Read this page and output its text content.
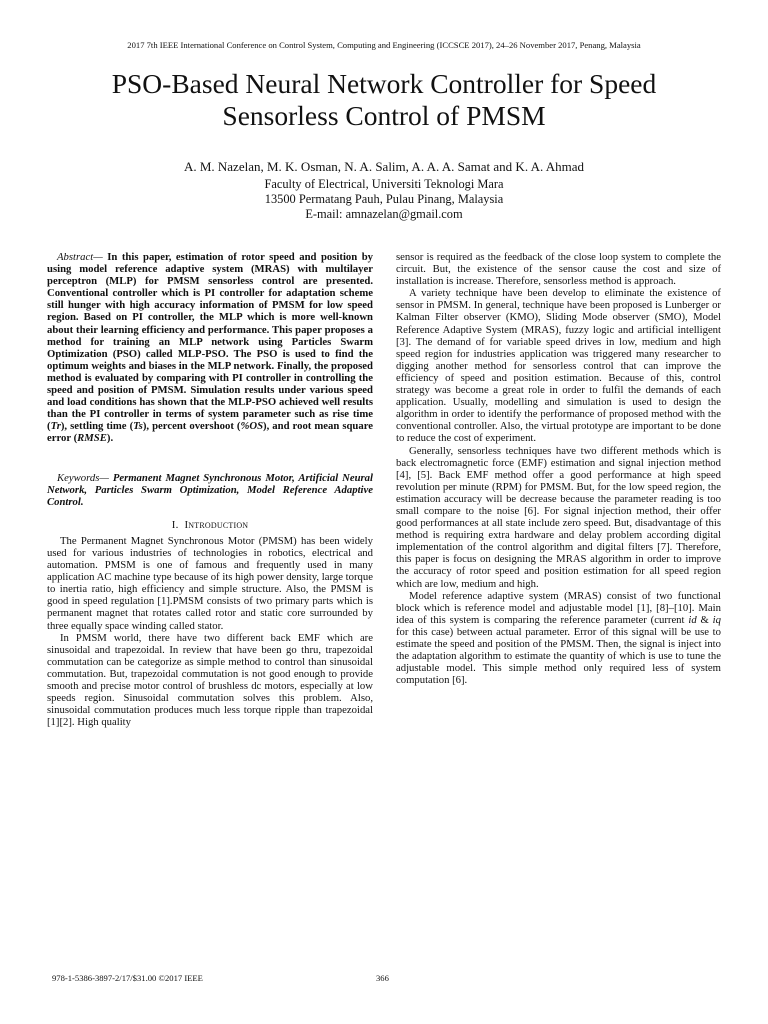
2017 7th IEEE International Conference on Control System, Computing and Engineering (ICCSCE 2017), 24–26 November 2017, Penang, Malaysia
PSO-Based Neural Network Controller for Speed
Sensorless Control of PMSM
A. M. Nazelan, M. K. Osman, N. A. Salim, A. A. A. Samat and K. A. Ahmad
Faculty of Electrical, Universiti Teknologi Mara
13500 Permatang Pauh, Pulau Pinang, Malaysia
E-mail: amnazelan@gmail.com

Abstract— In this paper, estimation of rotor speed and position by using model reference adaptive system (MRAS) with multilayer perceptron (MLP) for PMSM sensorless control are presented. Conventional controller which is PI controller for adaptation scheme still hunger with high accuracy information of PMSM for low speed region. Based on PI controller, the MLP which is more well-known about their learning efficiency and performance. This paper proposes a method for training an MLP network using Particles Swarm Optimization (PSO) called MLP-PSO. The PSO is used to find the optimum weights and biases in the MLP network. Finally, the proposed method is evaluated by comparing with PI controller in controlling the speed and position of PMSM. Simulation results under various speed and load conditions has shown that the MLP-PSO achieved well results than the PI controller in terms of system parameter such as rise time (Tr), settling time (Ts), percent overshoot (%OS), and root mean square error (RMSE).

Keywords— Permanent Magnet Synchronous Motor, Artificial Neural Network, Particles Swarm Optimization, Model Reference Adaptive Control.

I. Introduction

The Permanent Magnet Synchronous Motor (PMSM) has been widely used for various industries of technologies in robotics, electrical and automation. PMSM is one of famous and frequently used in many application AC machine type because of its high power density, large torque to inertia ratio, high efficiency and simple structure. Also, the PMSM is good in speed regulation [1].PMSM consists of two primary parts which is permanent magnet that rotates called rotor and static core surrounded by three equally space winding called stator.

In PMSM world, there have two different back EMF which are sinusoidal and trapezoidal. In review that have been go thru, trapezoidal commutation can be categorize as simple method to control than sinusoidal commutation. But, trapezoidal commutation is not good enough to provide smooth and precise motor control of brushless dc motors, especially at low speeds region. Sinusoidal commutation solves this problem. Also, sinusoidal commutation produces much less torque ripple than trapezoidal [1][2]. High quality

sensor is required as the feedback of the close loop system to complete the circuit. But, the existence of the sensor cause the cost and size of installation is increase. Therefore, sensorless method is approach.

A variety technique have been develop to eliminate the existence of sensor in PMSM. In general, technique have been proposed is Lunberger or Kalman Filter observer (KMO), Sliding Mode observer (SMO), Model Reference Adaptive System (MRAS), fuzzy logic and artificial intelligent [3]. The demand of for variable speed drives in low, medium and high speed region for industries application was triggered many researcher to digging another method for sensorless control that can improve the efficiency of speed and position estimation. Because of this, control strategy was become a great role in order to fulfil the demands of each application. Usually, modelling and simulation is used to design the algorithm in order to identify the performance of proposed method with the conventional controller. Also, the virtual prototype are important to be done to reduce the cost of experiment.

Generally, sensorless techniques have two different methods which is back electromagnetic force (EMF) estimation and signal injection method [4], [5]. Back EMF method offer a good performance at high speed revolution per minute (RPM) for PMSM. But, for the low speed region, the estimation accuracy will be decrease because the parameter reading is too small compare to the noise [6]. For signal injection method, their offer good performances at all state include zero speed. But, disadvantage of this method is requiring extra hardware and delay problem according digital implementation of the control algorithm and digital filters [7]. Therefore, this paper is focus on designing the MRAS algorithm in order to improve the accuracy of rotor speed and position estimation for all speed region which are low, medium and high.

Model reference adaptive system (MRAS) consist of two functional block which is reference model and adjustable model [1], [8]–[10]. Main idea of this system is comparing the reference parameter (current id & iq for this case) between actual parameter. Error of this signal will be use to estimate the speed and position of the PMSM. Then, the signal is inject into the adaptation algorithm to estimate the quantity of which is use to tune the adjustable model. This simple method only required less of system computation [6].

978-1-5386-3897-2/17/$31.00 ©2017 IEEE	366
